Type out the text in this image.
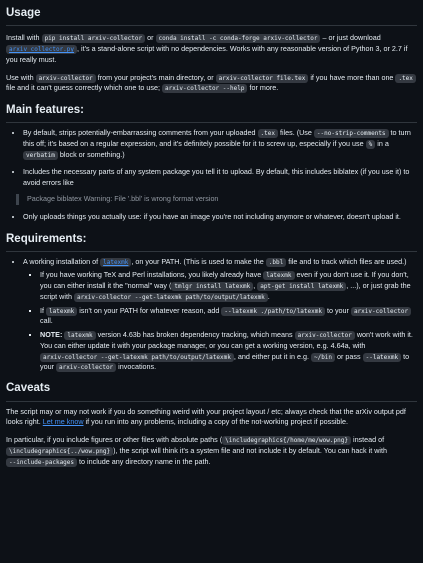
Usage

Install with pip install arxiv-collector or conda install -c conda-forge arxiv-collector – or just download arxiv_collector.py , it's a stand-alone script with no dependencies. Works with any reasonable version of Python 3, or 2.7 if you really must.

Use with arxiv-collector from your project's main directory, or arxiv-collector file.tex if you have more than one .tex file and it can't guess correctly which one to use; arxiv-collector --help for more.

Main features:
• By default, strips potentially-embarrassing comments from your uploaded .tex files. (Use --no-strip-comments to turn this off; it's based on a regular expression, and it's definitely possible for it to screw up, especially if you use % in a verbatim block or something.)
• Includes the necessary parts of any system package you tell it to upload. By default, this includes biblatex (if you use it) to avoid errors like
Package biblatex Warning: File '.bbl' is wrong format version
• Only uploads things you actually use: if you have an image you're not including anymore or whatever, doesn't upload it.
Requirements:
• A working installation of latexmk , on your PATH. (This is used to make the .bbl file and to track which files are used.)
▪ If you have working TeX and Perl installations, you likely already have latexmk even if you don't use it. If you don't, you can either install it the "normal" way ( tmlgr install latexmk , apt-get install latexmk , ...), or just grab the script with arxiv-collector --get-latexmk path/to/output/latexmk .
▪ If latexmk isn't on your PATH for whatever reason, add --latexmk ./path/to/latexmk to your arxiv-collector call.
▪ NOTE: latexmk version 4.63b has broken dependency tracking, which means arxiv-collector won't work with it. You can either update it with your package manager, or you can get a working version, e.g. 4.64a, with arxiv-collector --get-latexmk path/to/output/latexmk , and either put it in e.g. ~/bin or pass --latexmk to your arxiv-collector invocations.
Caveats

The script may or may not work if you do something weird with your project layout / etc; always check that the arXiv output pdf looks right. Let me know if you run into any problems, including a copy of the not-working project if possible.

In particular, if you include figures or other files with absolute paths ( \includegraphics{/home/me/wow.png} instead of \includegraphics{../wow.png} ), the script will think it's a system file and not include it by default. You can hack it with --include-packages to include any directory name in the path.
